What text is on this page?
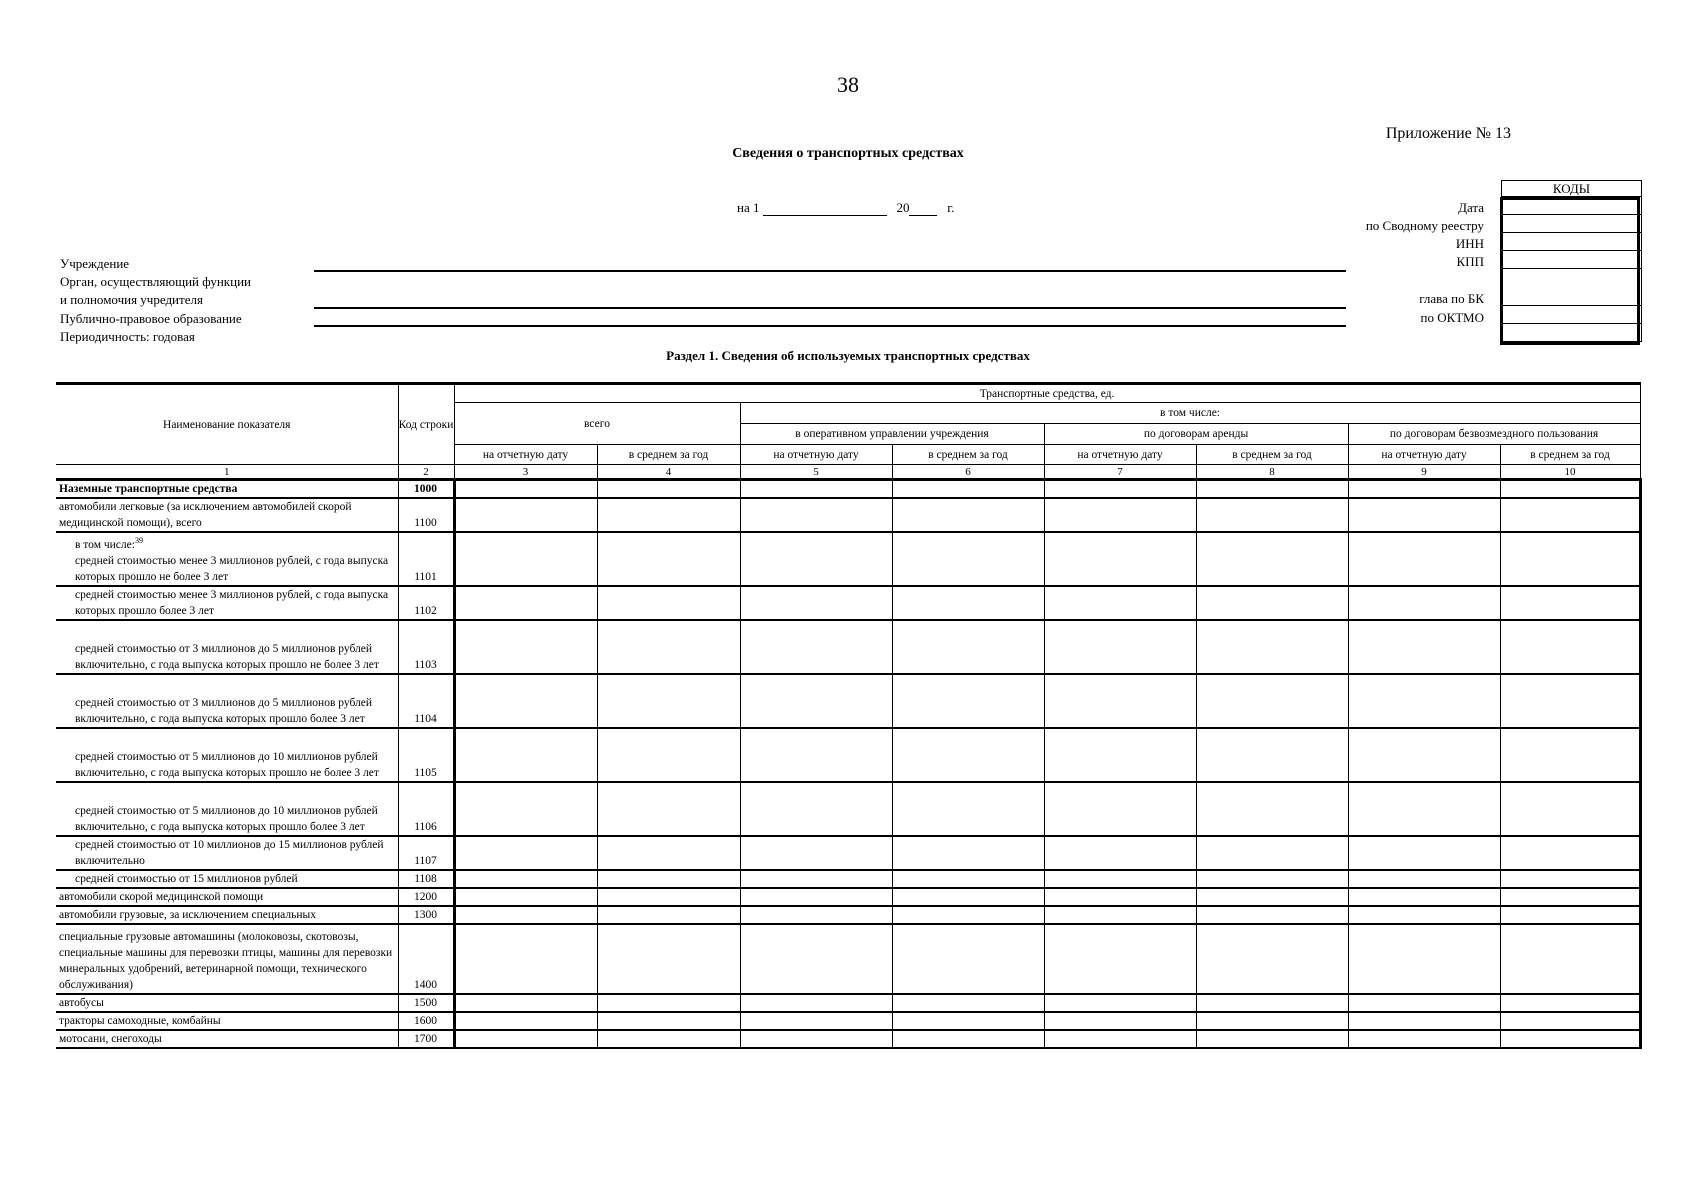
38
Приложение № 13
Сведения о транспортных средствах
на 1	20	г.
КОДЫ

Дата
по Сводному реестру
ИНН
КПП
глава по БК
по ОКТМО
Учреждение
Орган, осуществляющий функции
и полномочия учредителя
Публично-правовое образование
Периодичность: годовая
Раздел 1. Сведения об используемых транспортных средствах
Наименование показателя	Код строки	Транспортные средства, ед.							
		всего		в том числе:					
				в оперативном управлении учреждения		по договорам аренды		по договорам безвозмездного пользования	
		на отчетную дату	в среднем за год	на отчетную дату	в среднем за год	на отчетную дату	в среднем за год	на отчетную дату	в среднем за год
1	2	3	4	5	6	7	8	9	10
Наземные транспортные средства	1000								
автомобили легковые (за исключением автомобилей скорой медицинской помощи), всего	1100								
в том числе:$^{39}$
средней стоимостью менее 3 миллионов рублей, с года выпуска которых прошло не более 3 лет	1101								
средней стоимостью менее 3 миллионов рублей, с года выпуска которых прошло более 3 лет	1102								
средней стоимостью от 3 миллионов до 5 миллионов рублей включительно, с года выпуска которых прошло не более 3 лет	1103								
средней стоимостью от 3 миллионов до 5 миллионов рублей включительно, с года выпуска которых прошло более 3 лет	1104								
средней стоимостью от 5 миллионов до 10 миллионов рублей включительно, с года выпуска которых прошло не более 3 лет	1105								
средней стоимостью от 5 миллионов до 10 миллионов рублей включительно, с года выпуска которых прошло более 3 лет	1106								
средней стоимостью от 10 миллионов до 15 миллионов рублей включительно	1107								
средней стоимостью от 15 миллионов рублей	1108								
автомобили скорой медицинской помощи	1200								
автомобили грузовые, за исключением специальных	1300								
специальные грузовые автомашины (молоковозы, скотовозы, специальные машины для перевозки птицы, машины для перевозки минеральных удобрений, ветеринарной помощи, технического обслуживания)	1400								
автобусы	1500								
тракторы самоходные, комбайны	1600								
мотосани, снегоходы	1700								
